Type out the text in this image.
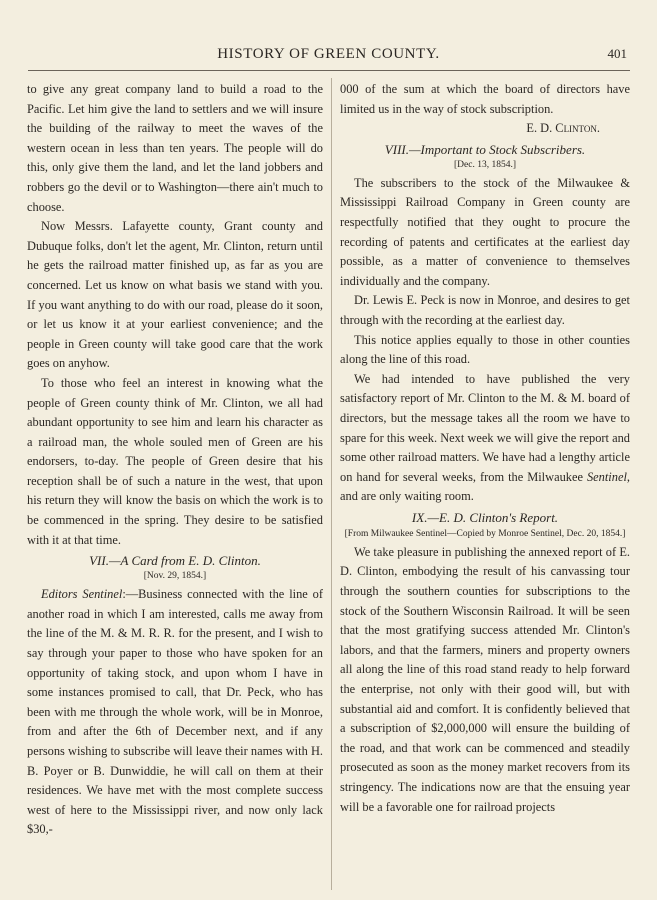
HISTORY OF GREEN COUNTY.	401

to give any great company land to build a road to the Pacific. Let him give the land to settlers and we will insure the building of the railway to meet the waves of the western ocean in less than ten years. The people will do this, only give them the land, and let the land jobbers and robbers go the devil or to Washington—there ain't much to choose.

Now Messrs. Lafayette county, Grant county and Dubuque folks, don't let the agent, Mr. Clinton, return until he gets the railroad matter finished up, as far as you are concerned. Let us know on what basis we stand with you. If you want anything to do with our road, please do it soon, or let us know it at your earliest convenience; and the people in Green county will take good care that the work goes on anyhow.

To those who feel an interest in knowing what the people of Green county think of Mr. Clinton, we all had abundant opportunity to see him and learn his character as a railroad man, the whole souled men of Green are his endorsers, to-day. The people of Green desire that his reception shall be of such a nature in the west, that upon his return they will know the basis on which the work is to be commenced in the spring. They desire to be satisfied with it at that time.

VII.—A Card from E. D. Clinton.
[Nov. 29, 1854.]

Editors Sentinel:—Business connected with the line of another road in which I am interested, calls me away from the line of the M. & M. R. R. for the present, and I wish to say through your paper to those who have spoken for an opportunity of taking stock, and upon whom I have in some instances promised to call, that Dr. Peck, who has been with me through the whole work, will be in Monroe, from and after the 6th of December next, and if any persons wishing to subscribe will leave their names with H. B. Poyer or B. Dunwiddie, he will call on them at their residences. We have met with the most complete success west of here to the Mississippi river, and now only lack $30,-

000 of the sum at which the board of directors have limited us in the way of stock subscription.

E. D. Clinton.

VIII.—Important to Stock Subscribers.
[Dec. 13, 1854.]

The subscribers to the stock of the Milwaukee & Mississippi Railroad Company in Green county are respectfully notified that they ought to procure the recording of patents and certificates at the earliest day possible, as a matter of convenience to themselves individually and the company.

Dr. Lewis E. Peck is now in Monroe, and desires to get through with the recording at the earliest day.

This notice applies equally to those in other counties along the line of this road.

We had intended to have published the very satisfactory report of Mr. Clinton to the M. & M. board of directors, but the message takes all the room we have to spare for this week. Next week we will give the report and some other railroad matters. We have had a lengthy article on hand for several weeks, from the Milwaukee Sentinel, and are only waiting room.

IX.—E. D. Clinton's Report.
[From Milwaukee Sentinel—Copied by Monroe Sentinel, Dec. 20, 1854.]

We take pleasure in publishing the annexed report of E. D. Clinton, embodying the result of his canvassing tour through the southern counties for subscriptions to the stock of the Southern Wisconsin Railroad. It will be seen that the most gratifying success attended Mr. Clinton's labors, and that the farmers, miners and property owners all along the line of this road stand ready to help forward the enterprise, not only with their good will, but with substantial aid and comfort. It is confidently believed that a subscription of $2,000,000 will ensure the building of the road, and that work can be commenced and steadily prosecuted as soon as the money market recovers from its stringency. The indications now are that the ensuing year will be a favorable one for railroad projects
